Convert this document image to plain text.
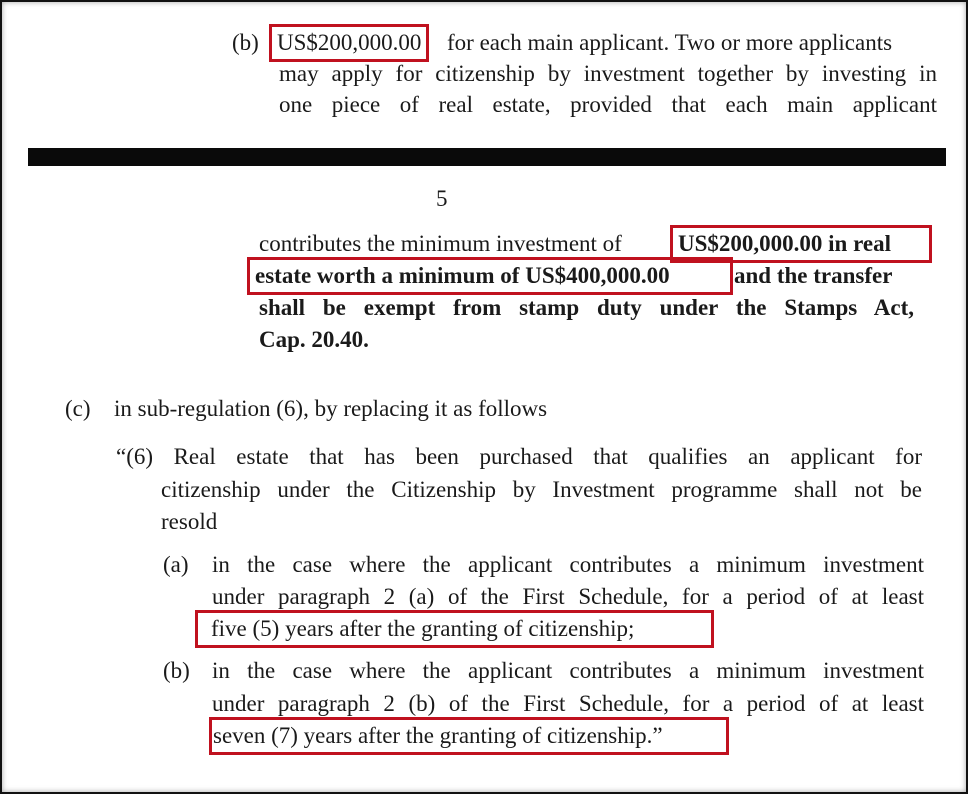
(b) US$200,000.00 for each main applicant. Two or more applicants
may apply for citizenship by investment together by investing in
one piece of real estate, provided that each main applicant
5
contributes the minimum investment of US$200,000.00 in real
estate worth a minimum of US$400,000.00	and the transfer
shall be exempt from stamp duty under the Stamps Act,
Cap. 20.40.
(c) in sub-regulation (6), by replacing it as follows
“(6) Real estate that has been purchased that qualifies an applicant for
citizenship under the Citizenship by Investment programme shall not be
resold
(a) in the case where the applicant contributes a minimum investment
under paragraph 2 (a) of the First Schedule, for a period of at least
five (5) years after the granting of citizenship;
(b) in the case where the applicant contributes a minimum investment
under paragraph 2 (b) of the First Schedule, for a period of at least
seven (7) years after the granting of citizenship.”
